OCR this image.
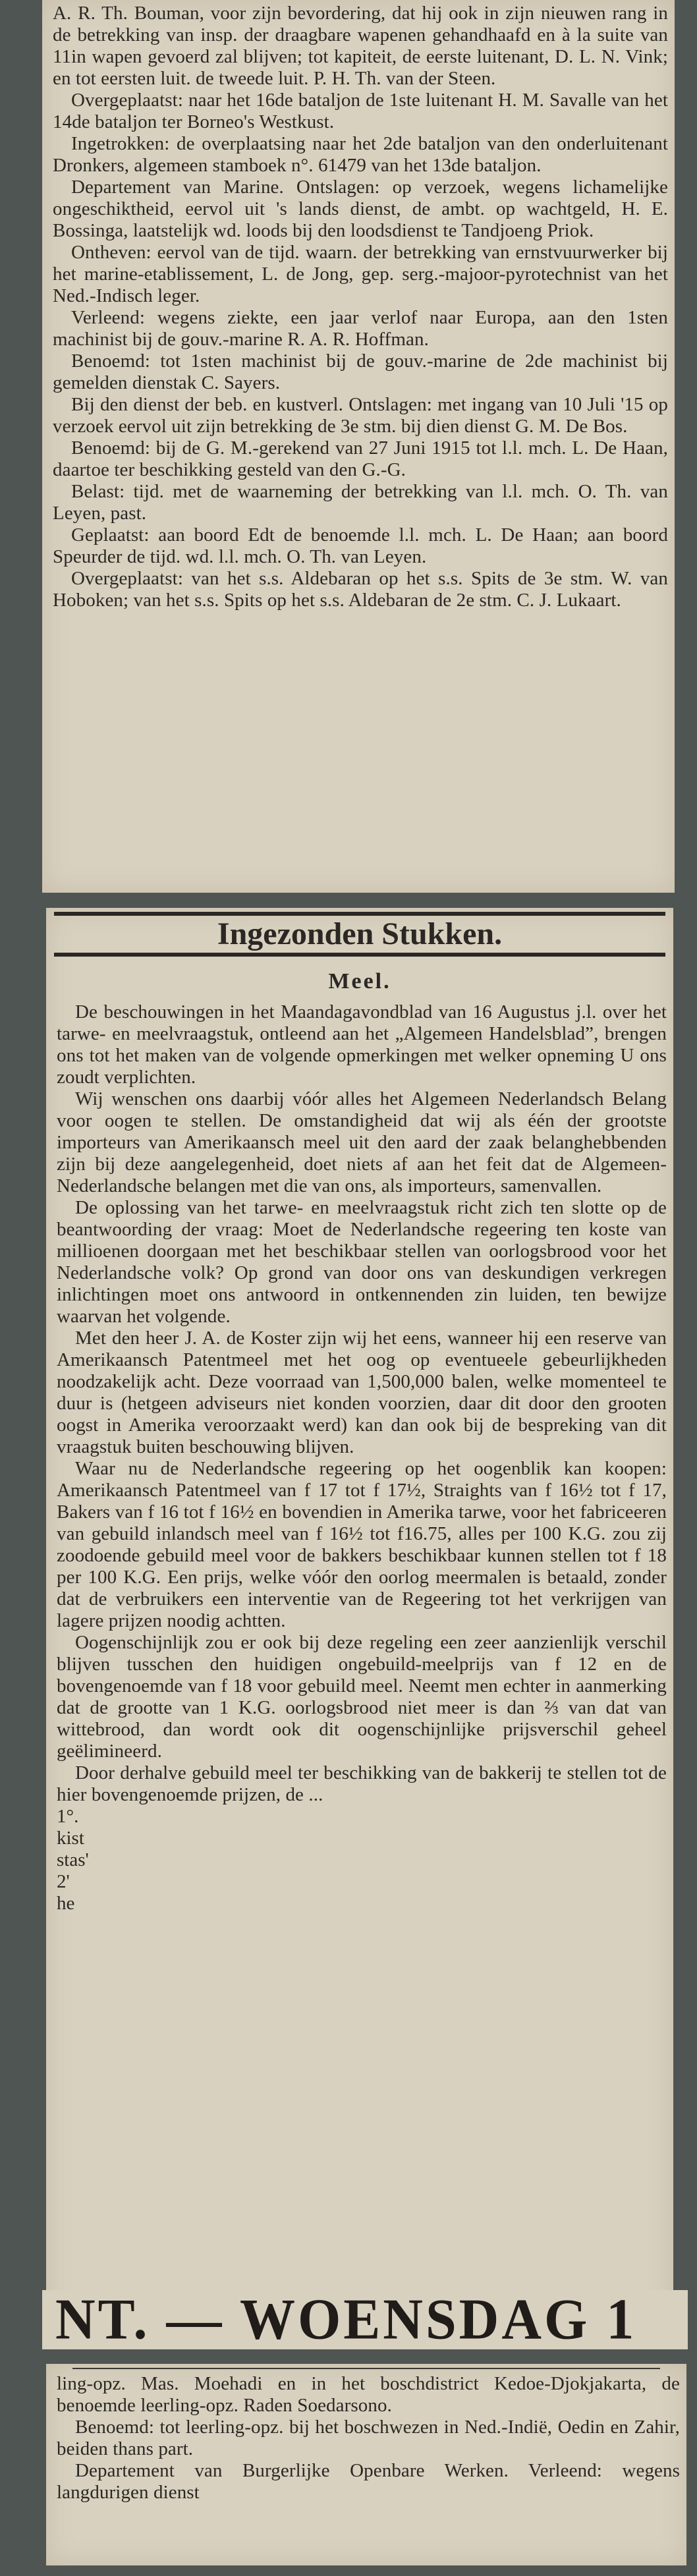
A. R. Th. Bouman, voor zijn bevordering, dat hij ook in zijn nieuwen rang in de betrekking van insp. der draagbare wapenen gehandhaafd en à la suite van 11in wapen gevoerd zal blijven; tot kapiteit, de eerste luitenant, D. L. N. Vink; en tot eersten luit. de tweede luit. P. H. Th. van der Steen.

Overgeplaatst: naar het 16de bataljon de 1ste luitenant H. M. Savalle van het 14de bataljon ter Borneo's Westkust.

Ingetrokken: de overplaatsing naar het 2de bataljon van den onderluitenant Dronkers, algemeen stamboek n°. 61479 van het 13de bataljon.

Departement van Marine. Ontslagen: op verzoek, wegens lichamelijke ongeschiktheid, eervol uit 's lands dienst, de ambt. op wachtgeld, H. E. Bossinga, laatstelijk wd. loods bij den loodsdienst te Tandjoeng Priok.

Ontheven: eervol van de tijd. waarn. der betrekking van ernstvuurwerker bij het marine-etablissement, L. de Jong, gep. serg.-majoor-pyrotechnist van het Ned.-Indisch leger.

Verleend: wegens ziekte, een jaar verlof naar Europa, aan den 1sten machinist bij de gouv.-marine R. A. R. Hoffman.

Benoemd: tot 1sten machinist bij de gouv.-marine de 2de machinist bij gemelden dienstak C. Sayers.

Bij den dienst der beb. en kustverl. Ontslagen: met ingang van 10 Juli '15 op verzoek eervol uit zijn betrekking de 3e stm. bij dien dienst G. M. De Bos.

Benoemd: bij de G. M.-gerekend van 27 Juni 1915 tot l.l. mch. L. De Haan, daartoe ter beschikking gesteld van den G.-G.

Belast: tijd. met de waarneming der betrekking van l.l. mch. O. Th. van Leyen, past.

Geplaatst: aan boord Edt de benoemde l.l. mch. L. De Haan; aan boord Speurder de tijd. wd. l.l. mch. O. Th. van Leyen.

Overgeplaatst: van het s.s. Aldebaran op het s.s. Spits de 3e stm. W. van Hoboken; van het s.s. Spits op het s.s. Aldebaran de 2e stm. C. J. Lukaart.

Ingezonden Stukken.
Meel.

De beschouwingen in het Maandagavondblad van 16 Augustus j.l. over het tarwe- en meelvraagstuk, ontleend aan het „Algemeen Handelsblad”, brengen ons tot het maken van de volgende opmerkingen met welker opneming U ons zoudt verplichten.

Wij wenschen ons daarbij vóór alles het Algemeen Nederlandsch Belang voor oogen te stellen. De omstandigheid dat wij als één der grootste importeurs van Amerikaansch meel uit den aard der zaak belanghebbenden zijn bij deze aangelegenheid, doet niets af aan het feit dat de Algemeen-Nederlandsche belangen met die van ons, als importeurs, samenvallen.

De oplossing van het tarwe- en meelvraagstuk richt zich ten slotte op de beantwoording der vraag: Moet de Nederlandsche regeering ten koste van millioenen doorgaan met het beschikbaar stellen van oorlogsbrood voor het Nederlandsche volk? Op grond van door ons van deskundigen verkregen inlichtingen moet ons antwoord in ontkennenden zin luiden, ten bewijze waarvan het volgende.

Met den heer J. A. de Koster zijn wij het eens, wanneer hij een reserve van Amerikaansch Patentmeel met het oog op eventueele gebeurlijkheden noodzakelijk acht. Deze voorraad van 1,500,000 balen, welke momenteel te duur is (hetgeen adviseurs niet konden voorzien, daar dit door den grooten oogst in Amerika veroorzaakt werd) kan dan ook bij de bespreking van dit vraagstuk buiten beschouwing blijven.

Waar nu de Nederlandsche regeering op het oogenblik kan koopen: Amerikaansch Patentmeel van f 17 tot f 17½, Straights van f 16½ tot f 17, Bakers van f 16 tot f 16½ en bovendien in Amerika tarwe, voor het fabriceeren van gebuild inlandsch meel van f 16½ tot f16.75, alles per 100 K.G. zou zij zoodoende gebuild meel voor de bakkers beschikbaar kunnen stellen tot f 18 per 100 K.G. Een prijs, welke vóór den oorlog meermalen is betaald, zonder dat de verbruikers een interventie van de Regeering tot het verkrijgen van lagere prijzen noodig achtten.

Oogenschijnlijk zou er ook bij deze regeling een zeer aanzienlijk verschil blijven tusschen den huidigen ongebuild-meelprijs van f 12 en de bovengenoemde van f 18 voor gebuild meel. Neemt men echter in aanmerking dat de grootte van 1 K.G. oorlogsbrood niet meer is dan ⅔ van dat van wittebrood, dan wordt ook dit oogenschijnlijke prijsverschil geheel geëlimineerd.

Door derhalve gebuild meel ter beschikking van de bakkerij te stellen tot de hier bovengenoemde prijzen, de ...

1°.
kist
stas'
2'
he
NT. — WOENSDAG 1

ling-opz. Mas. Moehadi en in het boschdistrict Kedoe-Djokjakarta, de benoemde leerling-opz. Raden Soedarsono.

Benoemd: tot leerling-opz. bij het boschwezen in Ned.-Indië, Oedin en Zahir, beiden thans part.

Departement van Burgerlijke Openbare Werken. Verleend: wegens langdurigen dienst
